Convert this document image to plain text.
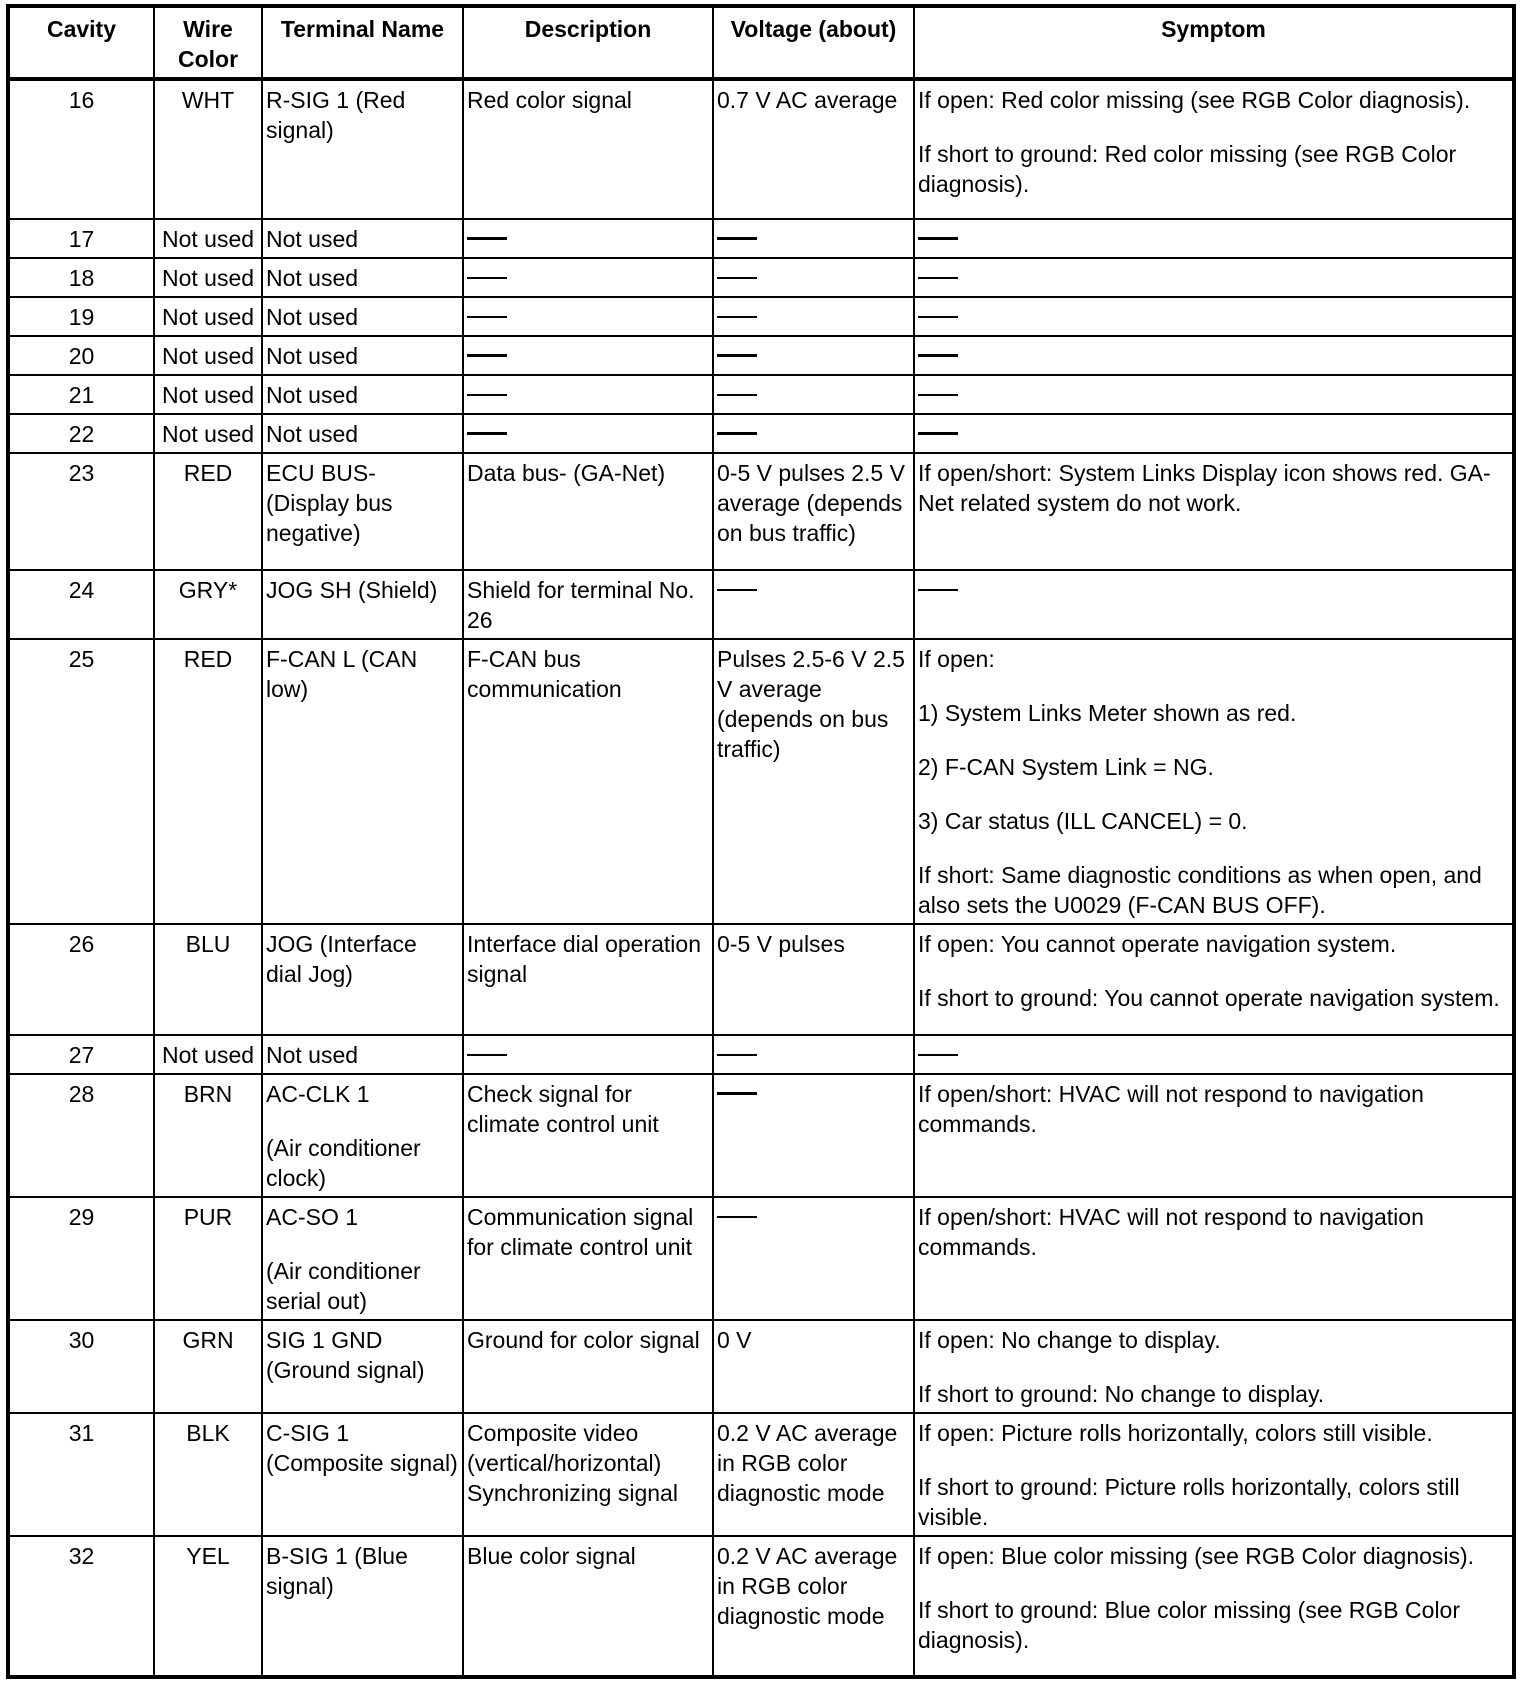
Cavity	Wire Color	Terminal Name	Description	Voltage (about)	Symptom
16	WHT	R-SIG 1 (Red signal)	Red color signal	0.7 V AC average	If open: Red color missing (see RGB Color diagnosis).
If short to ground: Red color missing (see RGB Color diagnosis).

17	Not used	Not used			

18	Not used	Not used			

19	Not used	Not used			

20	Not used	Not used			

21	Not used	Not used			

22	Not used	Not used			

23	RED	ECU BUS- (Display bus negative)	Data bus- (GA-Net)	0-5 V pulses 2.5 V average (depends on bus traffic)	If open/short: System Links Display icon shows red. GA-Net related system do not work.

24	GRY*	JOG SH (Shield)	Shield for terminal No. 26		
25	RED	F-CAN L (CAN low)	F-CAN bus communication	Pulses 2.5-6 V 2.5 V average (depends on bus traffic)	If open:
1) System Links Meter shown as red.
2) F-CAN System Link = NG.
3) Car status (ILL CANCEL) = 0.
If short: Same diagnostic conditions as when open, and also sets the U0029 (F-CAN BUS OFF).

26	BLU	JOG (Interface dial Jog)	Interface dial operation signal	0-5 V pulses	If open: You cannot operate navigation system.
If short to ground: You cannot operate navigation system.

27	Not used	Not used			

28	BRN	AC-CLK 1
(Air conditioner clock)	Check signal for climate control unit		If open/short: HVAC will not respond to navigation commands.

29	PUR	AC-SO 1
(Air conditioner serial out)	Communication signal for climate control unit		If open/short: HVAC will not respond to navigation commands.

30	GRN	SIG 1 GND (Ground signal)	Ground for color signal	0 V	If open: No change to display.
If short to ground: No change to display.

31	BLK	C-SIG 1 (Composite signal)	Composite video (vertical/horizontal) Synchronizing signal	0.2 V AC average in RGB color diagnostic mode	If open: Picture rolls horizontally, colors still visible.
If short to ground: Picture rolls horizontally, colors still visible.

32	YEL	B-SIG 1 (Blue signal)	Blue color signal	0.2 V AC average in RGB color diagnostic mode	If open: Blue color missing (see RGB Color diagnosis).
If short to ground: Blue color missing (see RGB Color diagnosis).
